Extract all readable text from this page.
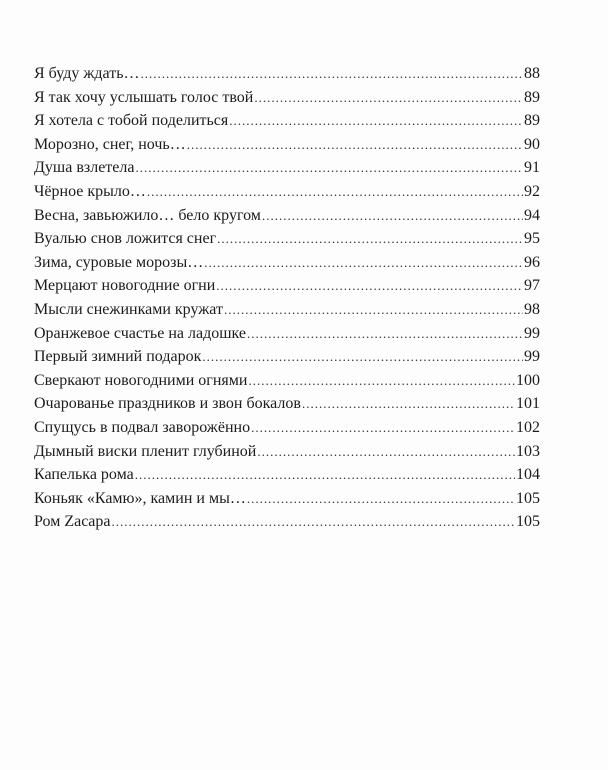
Я буду ждать… .....	88
Я так хочу услышать голос твой .....	89
Я хотела с тобой поделиться .....	89
Морозно, снег, ночь… .....	90
Душа взлетела .....	91
Чёрное крыло… .....	92
Весна, завьюжило… бело кругом .....	94
Вуалью снов ложится снег .....	95
Зима, суровые морозы… .....	96
Мерцают новогодние огни .....	97
Мысли снежинками кружат .....	98
Оранжевое счастье на ладошке .....	99
Первый зимний подарок .....	99
Сверкают новогодними огнями .....	100
Очарованье праздников и звон бокалов .....	101
Спущусь в подвал заворожённо .....	102
Дымный виски пленит глубиной .....	103
Капелька рома .....	104
Коньяк «Камю», камин и мы… .....	105
Ром Zacapa .....	105
